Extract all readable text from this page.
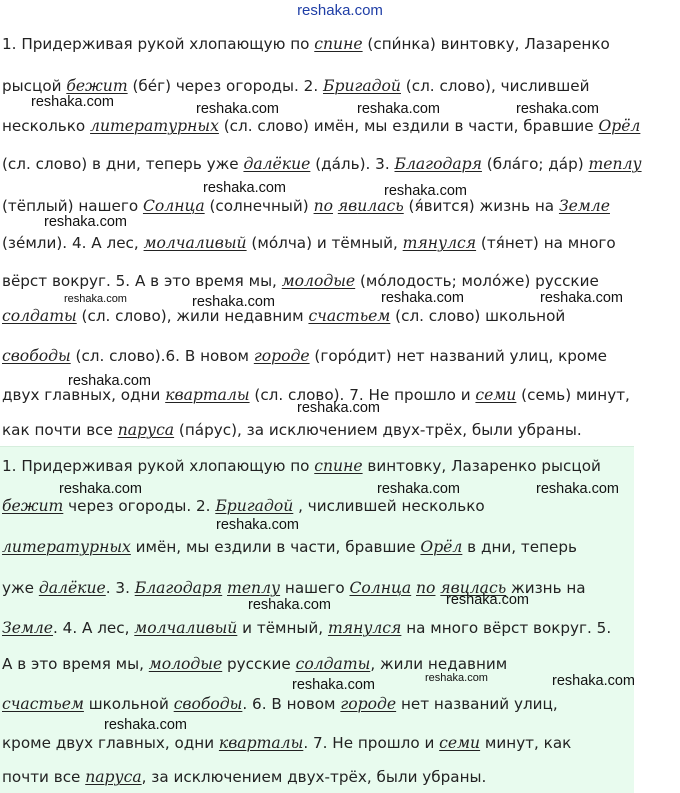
reshaka.com
1. Придерживая рукой хлопающую по спине (спи́нка) винтовку, Лазаренко
рысцой бежит (бе́г) через огороды. 2. Бригадой (сл. слово), числившей
несколько литературных (сл. слово) имён, мы ездили в части, бравшие Орёл
(сл. слово) в дни, теперь уже далёкие (да́ль). 3. Благодаря (бла́го; да́р) теплу
(тёплый) нашего Солнца (солнечный) по явилась (я́вится) жизнь на Земле
(зе́мли). 4. А лес, молчаливый (мо́лча) и тёмный, тянулся (тя́нет) на много
вёрст вокруг. 5. А в это время мы, молодые (мо́лодость; моло́же) русские
солдаты (сл. слово), жили недавним счастьем (сл. слово) школьной
свободы (сл. слово).6. В новом городе (горо́дит) нет названий улиц, кроме
двух главных, одни кварталы (сл. слово). 7. Не прошло и семи (семь) минут,
как почти все паруса (па́рус), за исключением двух-трёх, были убраны.
1. Придерживая рукой хлопающую по спине винтовку, Лазаренко рысцой
бежит через огороды. 2. Бригадой , числившей несколько
литературных имён, мы ездили в части, бравшие Орёл в дни, теперь
уже далёкие. 3. Благодаря теплу нашего Солнца по явилась жизнь на
Земле. 4. А лес, молчаливый и тёмный, тянулся на много вёрст вокруг. 5.
А в это время мы, молодые русские солдаты, жили недавним
счастьем школьной свободы. 6. В новом городе нет названий улиц,
кроме двух главных, одни кварталы. 7. Не прошло и семи минут, как
почти все паруса, за исключением двух-трёх, были убраны.
reshaka.com	reshaka.com	reshaka.com	reshaka.com
reshaka.com	reshaka.com
reshaka.com
reshaka.com	reshaka.com	reshaka.com	reshaka.com
reshaka.com
reshaka.com
reshaka.com	reshaka.com	reshaka.com
reshaka.com
reshaka.com	reshaka.com
reshaka.com	reshaka.com	reshaka.com
reshaka.com
